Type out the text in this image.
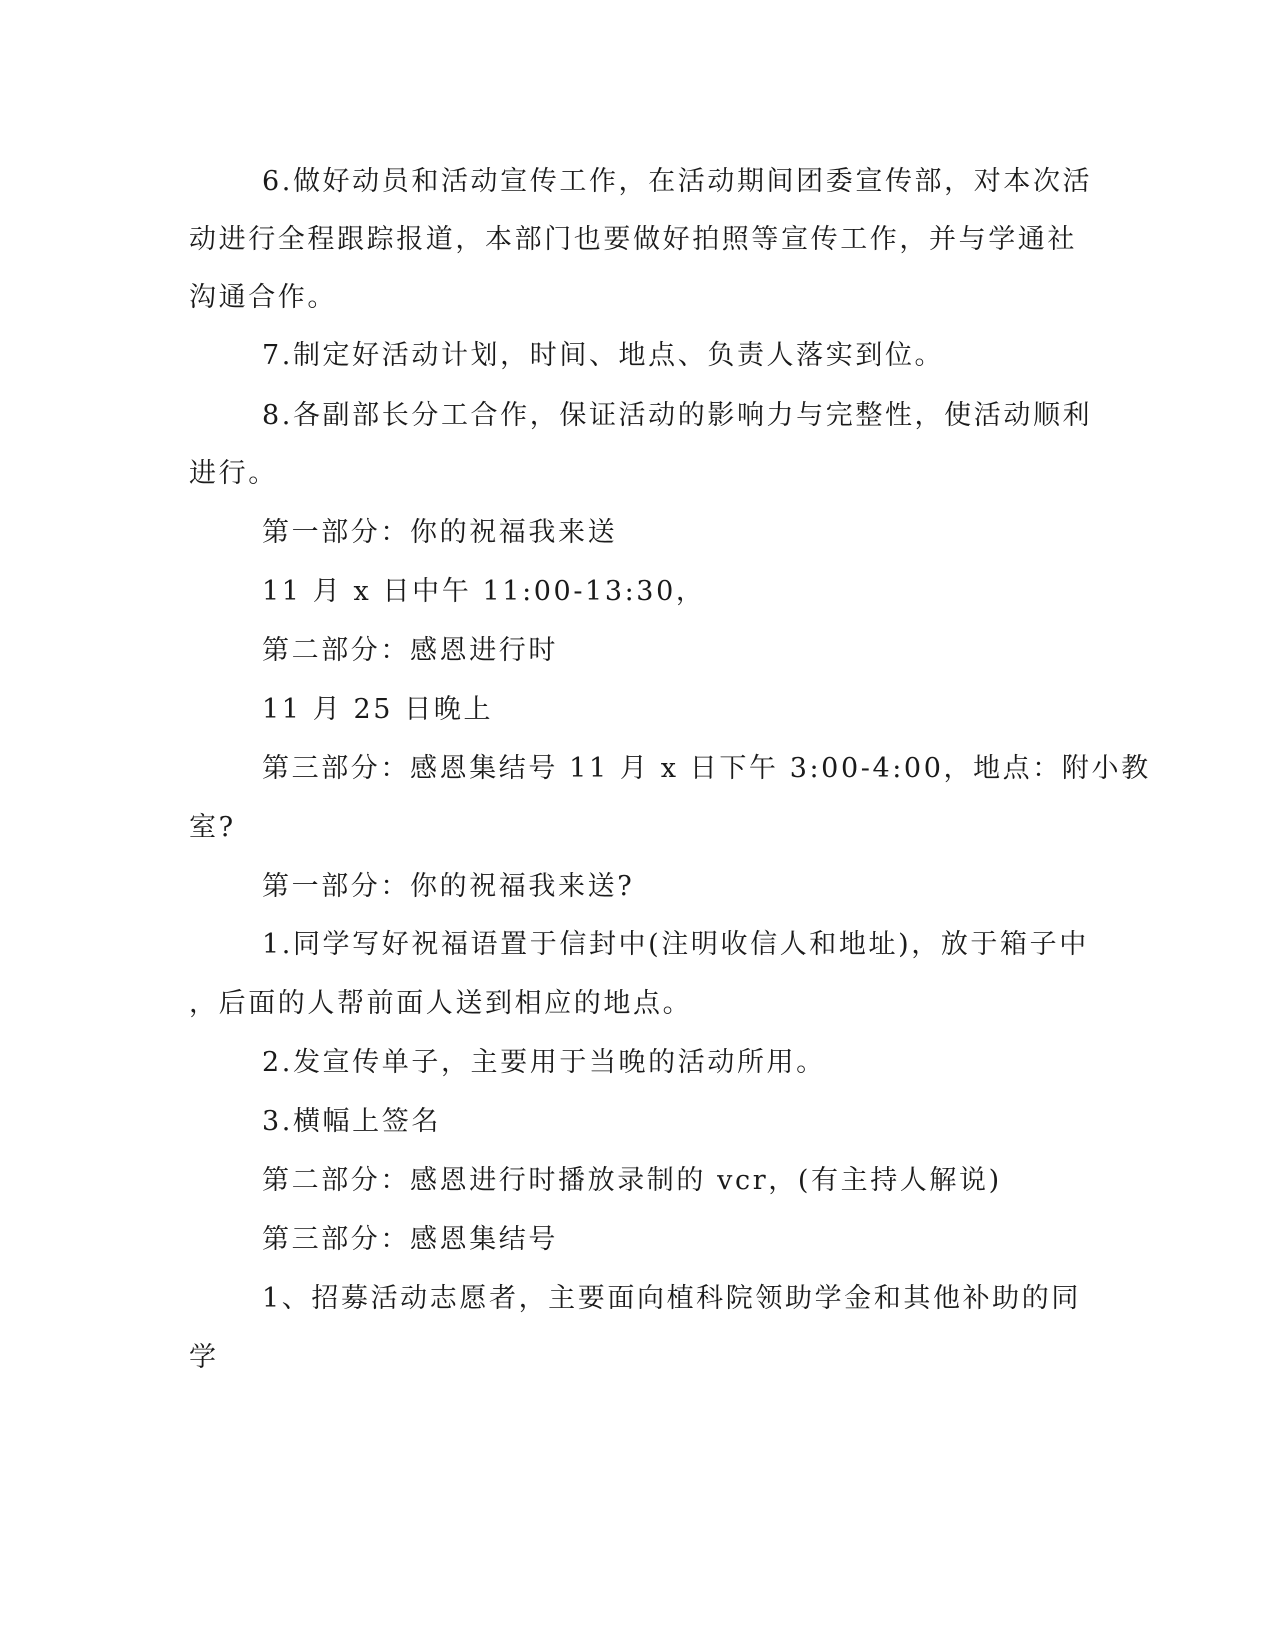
6.做好动员和活动宣传工作，在活动期间团委宣传部，对本次活
动进行全程跟踪报道，本部门也要做好拍照等宣传工作，并与学通社
沟通合作。
7.制定好活动计划，时间、地点、负责人落实到位。
8.各副部长分工合作，保证活动的影响力与完整性，使活动顺利
进行。
第一部分：你的祝福我来送
11 月 x 日中午 11:00-13:30，
第二部分：感恩进行时
11 月 25 日晚上
第三部分：感恩集结号 11 月 x 日下午 3:00-4:00，地点：附小教
室?
第一部分：你的祝福我来送?
1.同学写好祝福语置于信封中(注明收信人和地址)，放于箱子中
，后面的人帮前面人送到相应的地点。
2.发宣传单子，主要用于当晚的活动所用。
3.横幅上签名
第二部分：感恩进行时播放录制的 vcr，(有主持人解说)
第三部分：感恩集结号
1、招募活动志愿者，主要面向植科院领助学金和其他补助的同
学
